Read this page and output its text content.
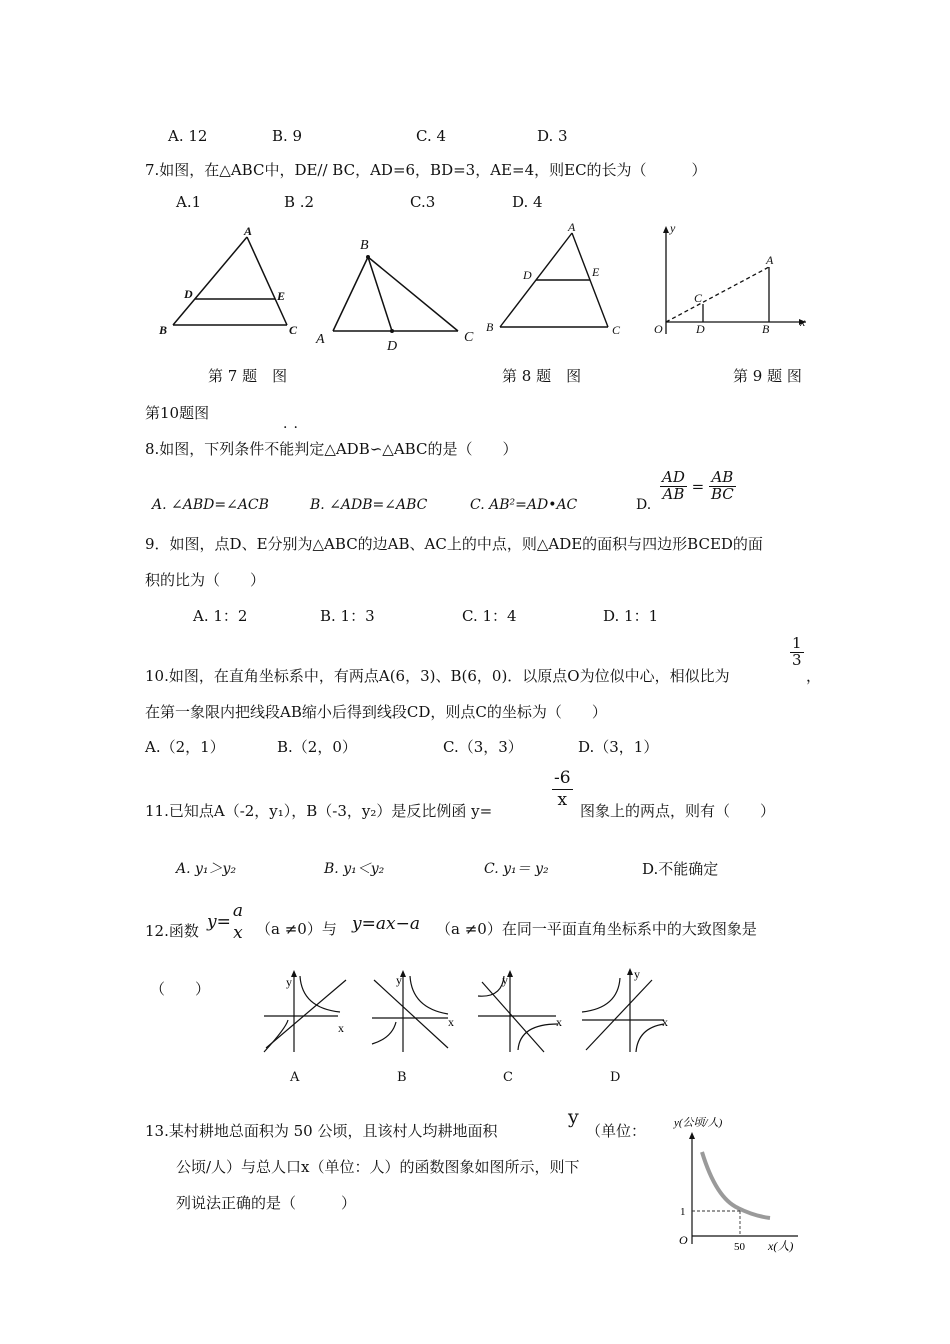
A. 12	B. 9	C. 4	D. 3
7.如图，在△ABC中，DE// BC，AD=6，BD=3，AE=4，则EC的长为（　　　）
A.1	B .2	C.3	D. 4
A
D	E
B	C
B
A	D
C
A
D	E
B	C
y
A
C
O	D	B	x
第 7 题　图	第 8 题　图	第 9 题 图
第10题图
··
8.如图，下列条件不能判定△ADB∽△ABC的是（　　）
A. ∠ABD=∠ACB	B. ∠ADB=∠ABC	C. AB²=AD•AC	D.
$\frac{AD}{AB} = \frac{AB}{BC}$
9．如图，点D、E分别为△ABC的边AB、AC上的中点，则△ADE的面积与四边形BCED的面
积的比为（　　）
A. 1：2	B. 1：3	C. 1：4	D. 1：1
10.如图，在直角坐标系中，有两点A(6，3)、B(6，0)．以原点O为位似中心，相似比为
$\frac{1}{3}$
，
在第一象限内把线段AB缩小后得到线段CD，则点C的坐标为（　　）
A.（2，1）	B.（2，0）	C.（3，3）	D.（3，1）
11.已知点A（-2，y₁），B（-3，y₂）是反比例函 y=	$\frac{-6}{x}$ 图象上的两点，则有（　　）
A. y₁＞y₂	B. y₁＜y₂	C. y₁＝ y₂	D.不能确定
12.函数 y=
a
x （a ≠0）与 y=ax−a （a ≠0）在同一平面直角坐标系中的大致图象是
（　　）	y
x
y
x
y
x
y
x
A	B	C	D
13.某村耕地总面积为 50 公顷，且该村人均耕地面积
y
（单位：
公顷/人）与总人口x（单位：人）的函数图象如图所示，则下
列说法正确的是（　　　）
y(公顷/人)
1
O	50 x(人)
